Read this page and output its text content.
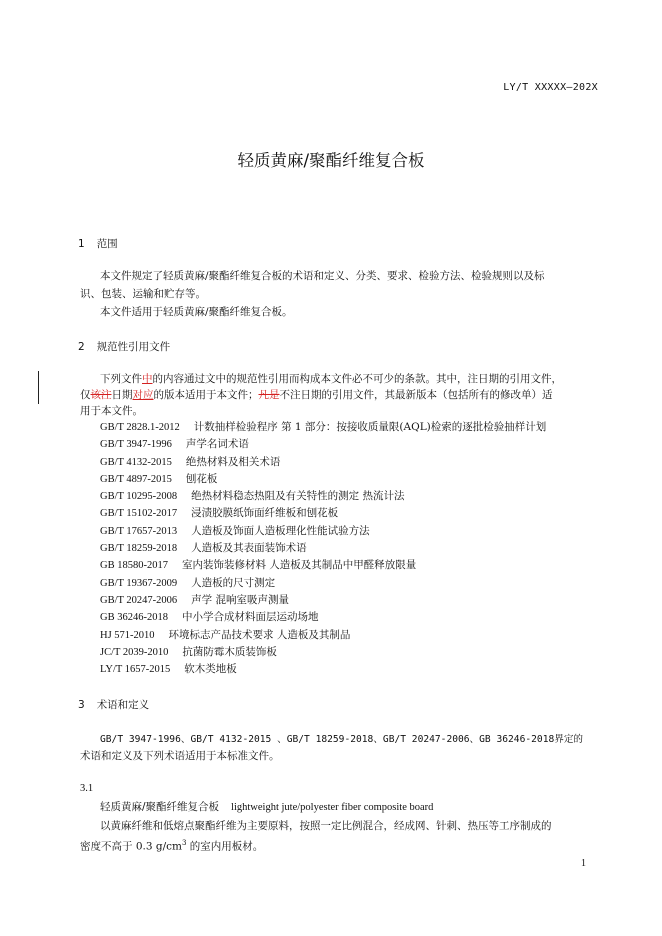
LY/T XXXXX—202X
轻质黄麻/聚酯纤维复合板
1 范围
本文件规定了轻质黄麻/聚酯纤维复合板的术语和定义、分类、要求、检验方法、检验规则以及标
识、包装、运输和贮存等。
本文件适用于轻质黄麻/聚酯纤维复合板。
2 规范性引用文件
下列文件中的内容通过文中的规范性引用而构成本文件必不可少的条款。其中，注日期的引用文件，
仅该注日期对应的版本适用于本文件；凡是不注日期的引用文件，其最新版本（包括所有的修改单）适
用于本文件。
GB/T 2828.1-2012 计数抽样检验程序 第 1 部分：按接收质量限(AQL)检索的逐批检验抽样计划
GB/T 3947-1996 声学名词术语
GB/T 4132-2015 绝热材料及相关术语
GB/T 4897-2015 刨花板
GB/T 10295-2008 绝热材料稳态热阻及有关特性的测定 热流计法
GB/T 15102-2017 浸渍胶膜纸饰面纤维板和刨花板
GB/T 17657-2013 人造板及饰面人造板理化性能试验方法
GB/T 18259-2018 人造板及其表面装饰术语
GB 18580-2017 室内装饰装修材料 人造板及其制品中甲醛释放限量
GB/T 19367-2009 人造板的尺寸测定
GB/T 20247-2006 声学 混响室吸声测量
GB 36246-2018 中小学合成材料面层运动场地
HJ 571-2010 环境标志产品技术要求 人造板及其制品
JC/T 2039-2010 抗菌防霉木质装饰板
LY/T 1657-2015 软木类地板
3 术语和定义
GB/T 3947-1996、GB/T 4132-2015 、GB/T 18259-2018、GB/T 20247-2006、GB 36246-2018界定的
术语和定义及下列术语适用于本标准文件。
3.1
轻质黄麻/聚酯纤维复合板 lightweight jute/polyester fiber composite board
以黄麻纤维和低熔点聚酯纤维为主要原料，按照一定比例混合，经成网、针刺、热压等工序制成的
密度不高于 0.3 $g/cm^3$ 的室内用板材。
1
